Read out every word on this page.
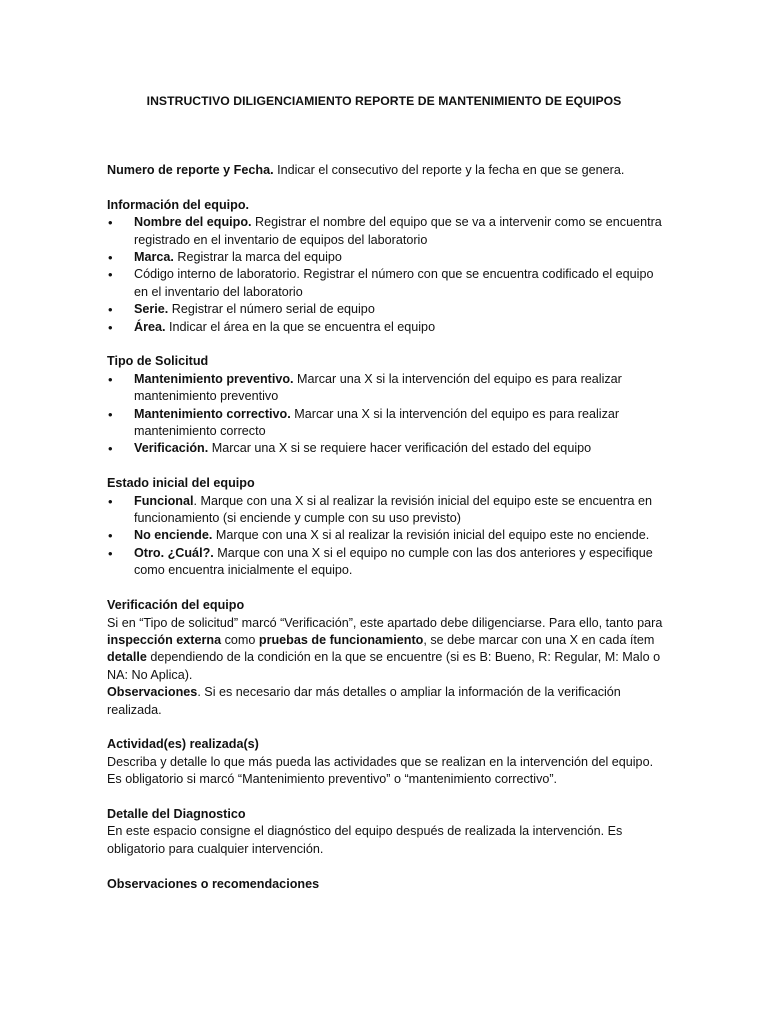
INSTRUCTIVO DILIGENCIAMIENTO REPORTE DE MANTENIMIENTO DE EQUIPOS

Numero de reporte y Fecha. Indicar el consecutivo del reporte y la fecha en que se genera.

Información del equipo.

• Nombre del equipo. Registrar el nombre del equipo que se va a intervenir como se encuentra registrado en el inventario de equipos del laboratorio
• Marca. Registrar la marca del equipo
• Código interno de laboratorio. Registrar el número con que se encuentra codificado el equipo en el inventario del laboratorio
• Serie. Registrar el número serial de equipo
• Área. Indicar el área en la que se encuentra el equipo

Tipo de Solicitud

• Mantenimiento preventivo. Marcar una X si la intervención del equipo es para realizar mantenimiento preventivo
• Mantenimiento correctivo. Marcar una X si la intervención del equipo es para realizar mantenimiento correcto
• Verificación. Marcar una X si se requiere hacer verificación del estado del equipo

Estado inicial del equipo

• Funcional. Marque con una X si al realizar la revisión inicial del equipo este se encuentra en funcionamiento (si enciende y cumple con su uso previsto)
• No enciende. Marque con una X si al realizar la revisión inicial del equipo este no enciende.
• Otro. ¿Cuál?. Marque con una X si el equipo no cumple con las dos anteriores y especifique como encuentra inicialmente el equipo.

Verificación del equipo

Si en “Tipo de solicitud” marcó “Verificación”, este apartado debe diligenciarse. Para ello, tanto para inspección externa como pruebas de funcionamiento, se debe marcar con una X en cada ítem detalle dependiendo de la condición en la que se encuentre (si es B: Bueno, R: Regular, M: Malo o NA: No Aplica).

Observaciones. Si es necesario dar más detalles o ampliar la información de la verificación realizada.

Actividad(es) realizada(s)

Describa y detalle lo que más pueda las actividades que se realizan en la intervención del equipo. Es obligatorio si marcó “Mantenimiento preventivo” o “mantenimiento correctivo”.

Detalle del Diagnostico

En este espacio consigne el diagnóstico del equipo después de realizada la intervención. Es obligatorio para cualquier intervención.

Observaciones o recomendaciones
